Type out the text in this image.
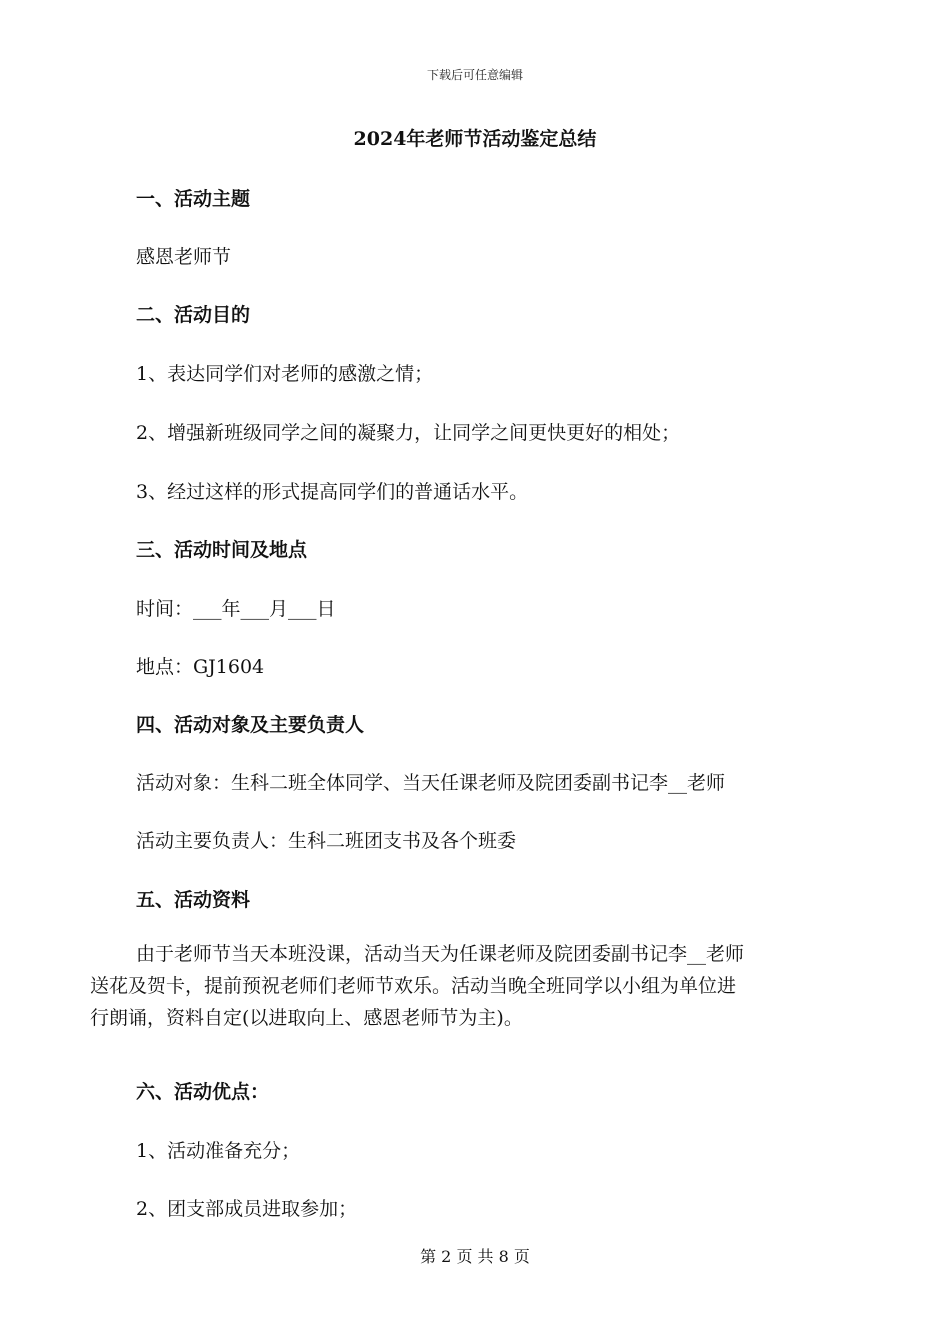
下载后可任意编辑
2024年老师节活动鉴定总结
一、活动主题
感恩老师节
二、活动目的
1、表达同学们对老师的感激之情；
2、增强新班级同学之间的凝聚力，让同学之间更快更好的相处；
3、经过这样的形式提高同学们的普通话水平。
三、活动时间及地点
时间：___年___月___日
地点：GJ1604
四、活动对象及主要负责人
活动对象：生科二班全体同学、当天任课老师及院团委副书记李__老师
活动主要负责人：生科二班团支书及各个班委
五、活动资料
由于老师节当天本班没课，活动当天为任课老师及院团委副书记李__老师
送花及贺卡，提前预祝老师们老师节欢乐。活动当晚全班同学以小组为单位进
行朗诵，资料自定(以进取向上、感恩老师节为主)。
六、活动优点：
1、活动准备充分；
2、团支部成员进取参加；
第 2 页 共 8 页
